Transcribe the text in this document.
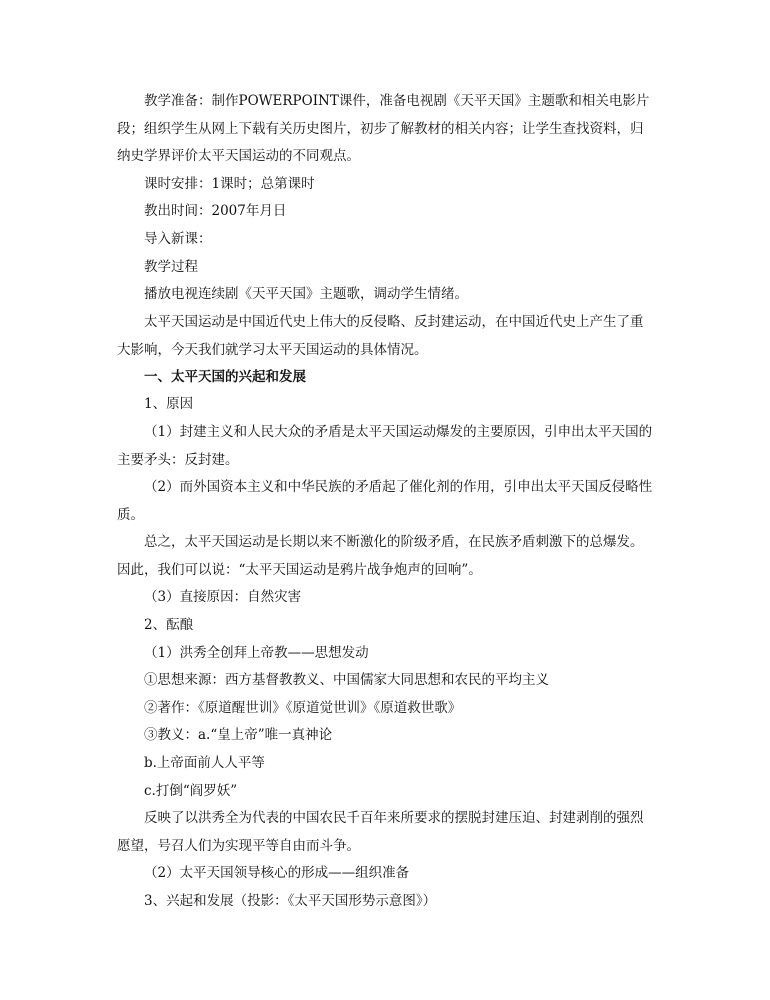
教学准备：制作POWERPOINT课件，准备电视剧《天平天国》主题歌和相关电影片段；组织学生从网上下载有关历史图片，初步了解教材的相关内容；让学生查找资料，归纳史学界评价太平天国运动的不同观点。

课时安排：1课时；总第课时

教出时间：2007年月日

导入新课：

教学过程

播放电视连续剧《天平天国》主题歌，调动学生情绪。

太平天国运动是中国近代史上伟大的反侵略、反封建运动，在中国近代史上产生了重大影响，今天我们就学习太平天国运动的具体情况。

一、太平天国的兴起和发展

1、原因

（1）封建主义和人民大众的矛盾是太平天国运动爆发的主要原因，引申出太平天国的主要矛头：反封建。

（2）而外国资本主义和中华民族的矛盾起了催化剂的作用，引申出太平天国反侵略性质。

总之，太平天国运动是长期以来不断激化的阶级矛盾，在民族矛盾刺激下的总爆发。因此，我们可以说：“太平天国运动是鸦片战争炮声的回响”。

（3）直接原因：自然灾害

2、酝酿

（1）洪秀全创拜上帝教——思想发动

①思想来源：西方基督教教义、中国儒家大同思想和农民的平均主义

②著作：《原道醒世训》《原道觉世训》《原道救世歌》

③教义：a.“皇上帝”唯一真神论

b.上帝面前人人平等

c.打倒“阎罗妖”

反映了以洪秀全为代表的中国农民千百年来所要求的摆脱封建压迫、封建剥削的强烈愿望，号召人们为实现平等自由而斗争。

（2）太平天国领导核心的形成——组织准备

3、兴起和发展（投影：《太平天国形势示意图》）
